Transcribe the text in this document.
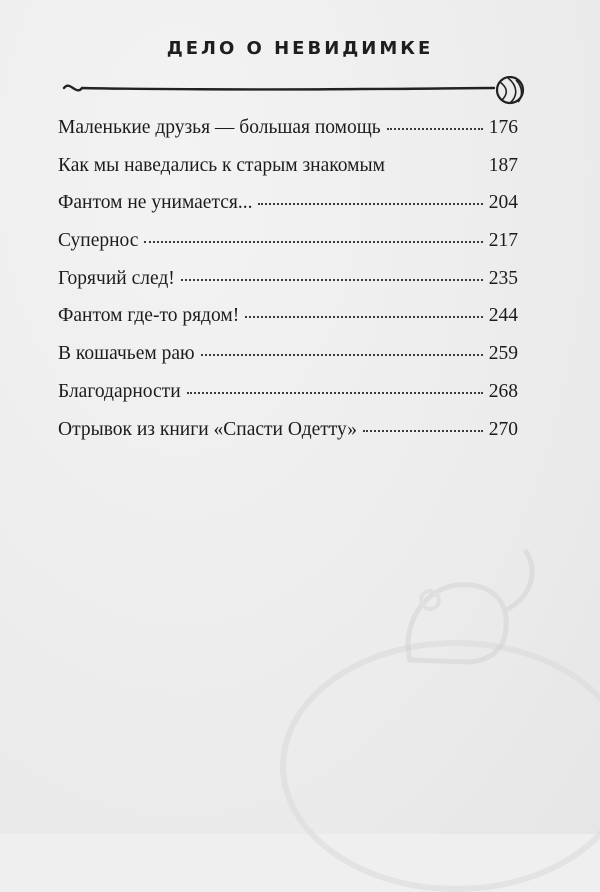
ДЕЛО О НЕВИДИМКЕ
Маленькие друзья — большая помощь	176
Как мы наведались к старым знакомым	187
Фантом не унимается...	204
Супернос	217
Горячий след!	235
Фантом где-то рядом!	244
В кошачьем раю	259
Благодарности	268
Отрывок из книги «Спасти Одетту»	270
